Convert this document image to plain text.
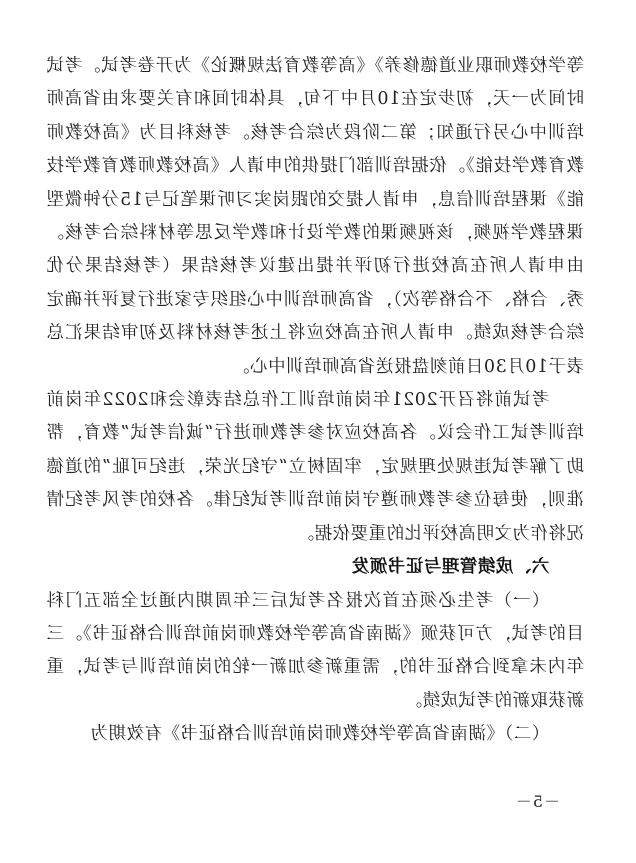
等学校教师职业道德修养》《高等教育法规概论》为开卷考试。考试时间为一天，初步定在10月中下旬，具体时间和有关要求由省高师培训中心另行通知；第二阶段为综合考核。考核科目为《高校教师教育教学技能》。依据培训部门提供的申请人《高校教师教育教学技能》课程培训信息，申请人提交的跟岗实习听课笔记与15分钟微型课程教学视频，该视频课的教学设计和教学反思等材料综合考核。由申请人所在高校进行初评并提出建议考核结果（考核结果分优秀、合格、不合格等次），省高师培训中心组织专家进行复评并确定综合考核成绩。申请人所在高校应将上述考核材料及初审结果汇总表于10月30日前刻盘报送省高师培训中心。

考试前将召开2021年岗前培训工作总结表彰会和2022年岗前培训考试工作会议。各高校应对参考教师进行“诚信考试”教育，帮助了解考试违规处理规定，牢固树立“守纪光荣，违纪可耻”的道德准则，使每位参考教师遵守岗前培训考试纪律。各校的考风考纪情况将作为文明高校评比的重要依据。

六、成绩管理与证书颁发

（一）考生必须在首次报名考试后三年周期内通过全部五门科目的考试，方可获颁《湖南省高等学校教师岗前培训合格证书》。三年内未拿到合格证书的，需重新参加新一轮的岗前培训与考试，重新获取新的考试成绩。

（二）《湖南省高等学校教师岗前培训合格证书》有效期为

－5－
